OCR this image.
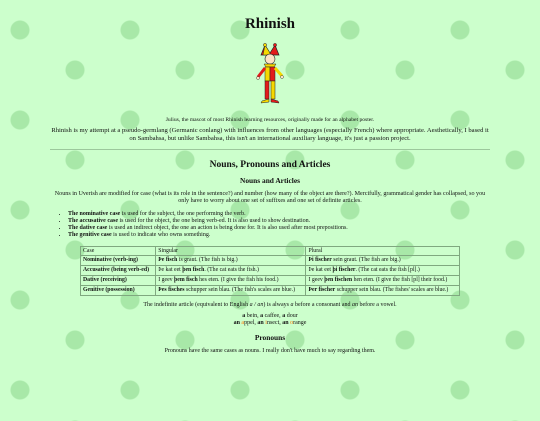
Rhinish

Julius, the mascot of most Rhinish learning resources, originally made for an alphabet poster.

Rhinish is my attempt at a pseudo-germlang (Germanic conlang) with influences from other languages (especially French) where appropriate. Aesthetically, I based it on Sambahsa, but unlike Sambahsa, this isn't an international auxiliary language, it's just a passion project.

Nouns, Pronouns and Articles
Nouns and Articles

Nouns in Uverish are modified for case (what is its role in the sentence?) and number (how many of the object are there?). Mercifully, grammatical gender has collapsed, so you only have to worry about one set of suffixes and one set of definite articles.

• The nominative case is used for the subject, the one performing the verb.
• The accusative case is used for the object, the one being verb-ed. It is also used to show destination.
• The dative case is used an indirect object, the one an action is being done for. It is also used after most prepositions.
• The genitive case is used to indicate who owns something.
Case	Singular	Plural
Nominative (verb-ing)	Þe fisch is graut. (The fish is big.)	Þi fischer sein graut. (The fish are big.)
Accusative (being verb-ed)	Þe kat eet þen fisch. (The cat eats the fish.)	Þe kat eet þi fischer. (The cat eats the fish [pl].)
Dative (receiving)	I geev þem fisch hes eten. (I give the fish his food.)	I geev þen fischen hen eten. (I give the fish [pl] their food.)
Genitive (possession)	Þes fisches schupper sein blau. (The fish's scales are blue.)	Þer fischer schupper sein blau. (The fishes' scales are blue.)

The indefinite article (equivalent to English a / an) is always a before a consonant and an before a vowel.

a bein, a caffee, a dour
an appel, an insect, an orange
Pronouns

Pronouns have the same cases as nouns. I really don't have much to say regarding them.
